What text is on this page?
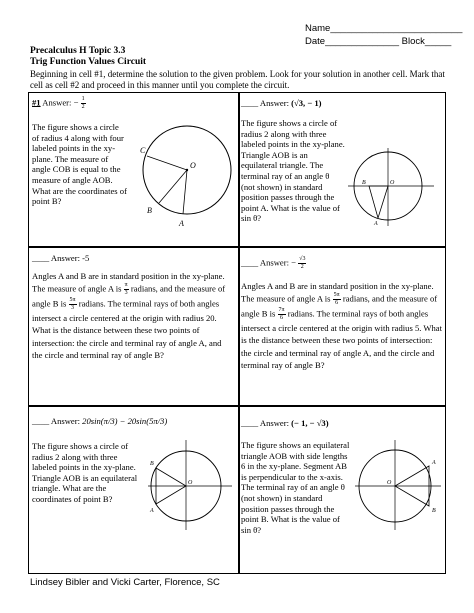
Name_________________________
Date______________ Block_____
Precalculus H Topic 3.3
Trig Function Values Circuit
Beginning in cell #1, determine the solution to the given problem. Look for your solution in another cell. Mark that cell as cell #2 and proceed in this manner until you complete the circuit.
#1 Answer: − $\frac{1}{2}$
The figure shows a circle of radius 4 along with four labeled points in the xy-plane. The measure of angle COB is equal to the measure of angle AOB. What are the coordinates of point B?
C
O
B
A
____ Answer: (√3, − 1)
The figure shows a circle of radius 2 along with three labeled points in the xy-plane. Triangle AOB is an equilateral triangle. The terminal ray of an angle θ (not shown) in standard position passes through the point A. What is the value of sin θ?
B	O
A
____ Answer: -5
Angles A and B are in standard position in the xy-plane. The measure of angle A is $\frac{\pi}{3}$ radians, and the measure of angle B is $\frac{5\pi}{3}$ radians. The terminal rays of both angles intersect a circle centered at the origin with radius 20. What is the distance between these two points of intersection: the circle and terminal ray of angle A, and the circle and terminal ray of angle B?
____ Answer: − $\frac{√3}{2}$
Angles A and B are in standard position in the xy-plane. The measure of angle A is $\frac{5\pi}{6}$ radians, and the measure of angle B is $\frac{7\pi}{6}$ radians. The terminal rays of both angles intersect a circle centered at the origin with radius 5. What is the distance between these two points of intersection: the circle and terminal ray of angle A, and the circle and terminal ray of angle B?
____ Answer: 20sin(π/3) − 20sin(5π/3)
The figure shows a circle of radius 2 along with three labeled points in the xy-plane. Triangle AOB is an equilateral triangle. What are the coordinates of point B?
B
O
A
____ Answer: (− 1, − √3)
The figure shows an equilateral triangle AOB with side lengths 6 in the xy-plane. Segment AB is perpendicular to the x-axis. The terminal ray of an angle θ (not shown) in standard position passes through the point B. What is the value of sin θ?
A
O
B
Lindsey Bibler and Vicki Carter, Florence, SC
